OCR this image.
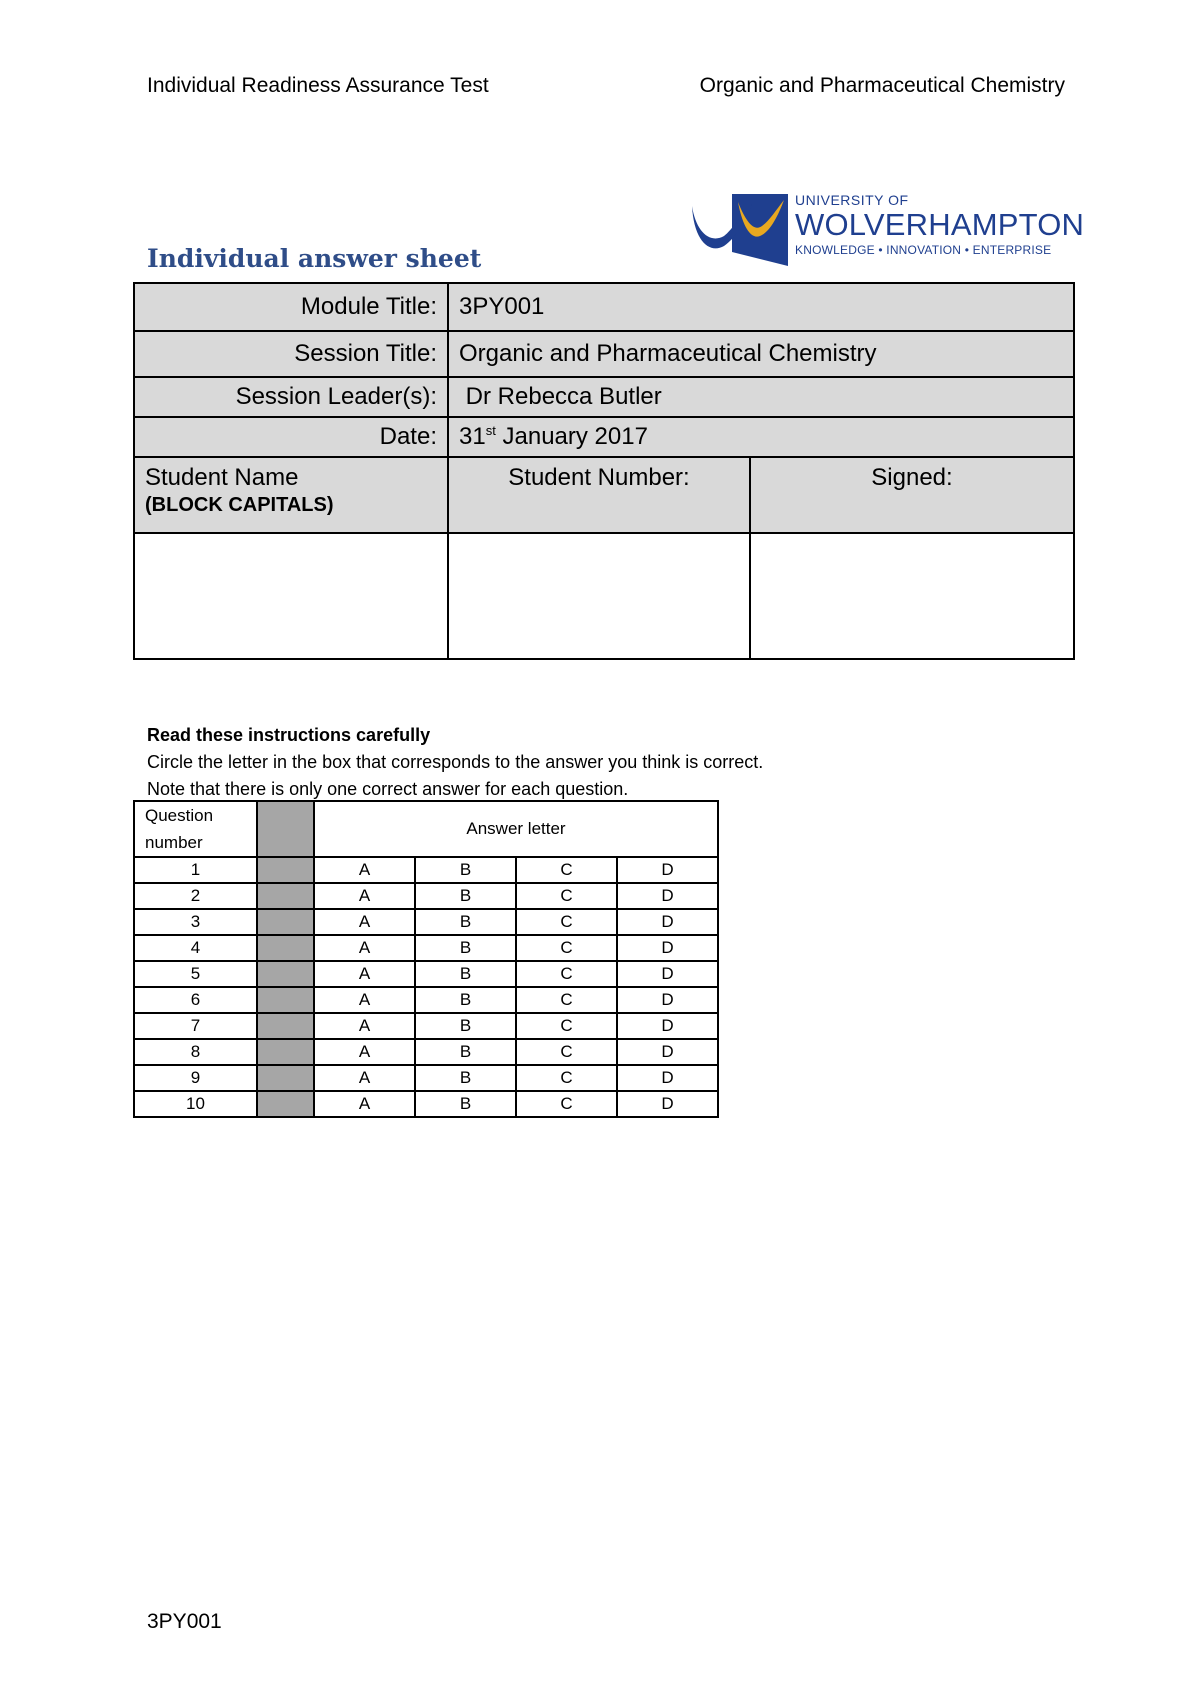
Individual Readiness Assurance Test	Organic and Pharmaceutical Chemistry
UNIVERSITY OF
WOLVERHAMPTON
KNOWLEDGE • INNOVATION • ENTERPRISE
Individual answer sheet
Module Title:	3PY001	
Session Title:	Organic and Pharmaceutical Chemistry	
Session Leader(s):	Dr Rebecca Butler	
Date:	31st January 2017	
Student Name
(BLOCK CAPITALS)	Student Number:	Signed:

Read these instructions carefully
Circle the letter in the box that corresponds to the answer you think is correct.
Note that there is only one correct answer for each question.
Question number		Answer letter			
1		A	B	C	D
2		A	B	C	D
3		A	B	C	D
4		A	B	C	D
5		A	B	C	D
6		A	B	C	D
7		A	B	C	D
8		A	B	C	D
9		A	B	C	D
10		A	B	C	D
3PY001
